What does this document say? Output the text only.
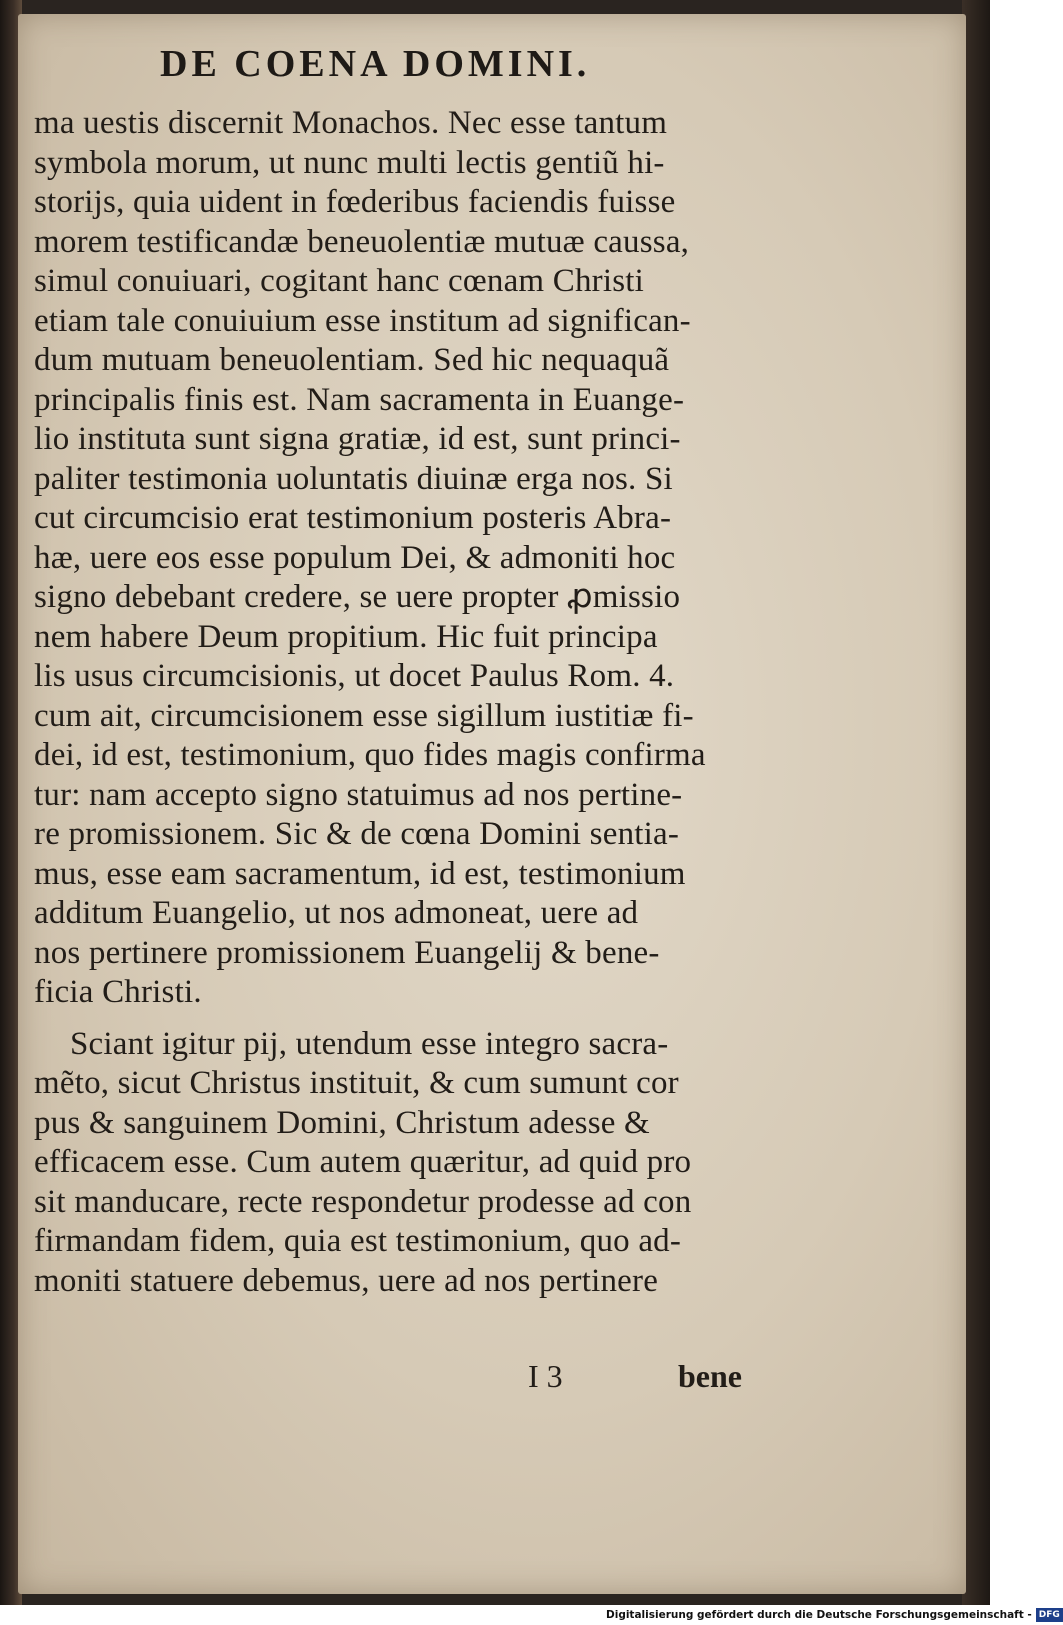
DE COENA DOMINI.
ma uestis discernit Monachos. Nec esse tantum
symbola morum, ut nunc multi lectis gentiũ hi-
storijs, quia uident in fœderibus faciendis fuisse
morem testificandæ beneuolentiæ mutuæ caussa,
simul conuiuari, cogitant hanc cœnam Christi
etiam tale conuiuium esse institum ad significan-
dum mutuam beneuolentiam. Sed hic nequaquã
principalis finis est. Nam sacramenta in Euange-
lio instituta sunt signa gratiæ, id est, sunt princi-
paliter testimonia uoluntatis diuinæ erga nos. Si
cut circumcisio erat testimonium posteris Abra-
hæ, uere eos esse populum Dei, & admoniti hoc
signo debebant credere, se uere propter ꝓmissio
nem habere Deum propitium. Hic fuit principa
lis usus circumcisionis, ut docet Paulus Rom. 4.
cum ait, circumcisionem esse sigillum iustitiæ fi-
dei, id est, testimonium, quo fides magis confirma
tur: nam accepto signo statuimus ad nos pertine-
re promissionem. Sic & de cœna Domini sentia-
mus, esse eam sacramentum, id est, testimonium
additum Euangelio, ut nos admoneat, uere ad
nos pertinere promissionem Euangelij & bene-
ficia Christi.
Sciant igitur pij, utendum esse integro sacra-
mẽto, sicut Christus instituit, & cum sumunt cor
pus & sanguinem Domini, Christum adesse &
efficacem esse. Cum autem quæritur, ad quid pro
sit manducare, recte respondetur prodesse ad con
firmandam fidem, quia est testimonium, quo ad-
moniti statuere debemus, uere ad nos pertinere
I 3	bene
Digitalisierung gefördert durch die Deutsche Forschungsgemeinschaft - DFG
